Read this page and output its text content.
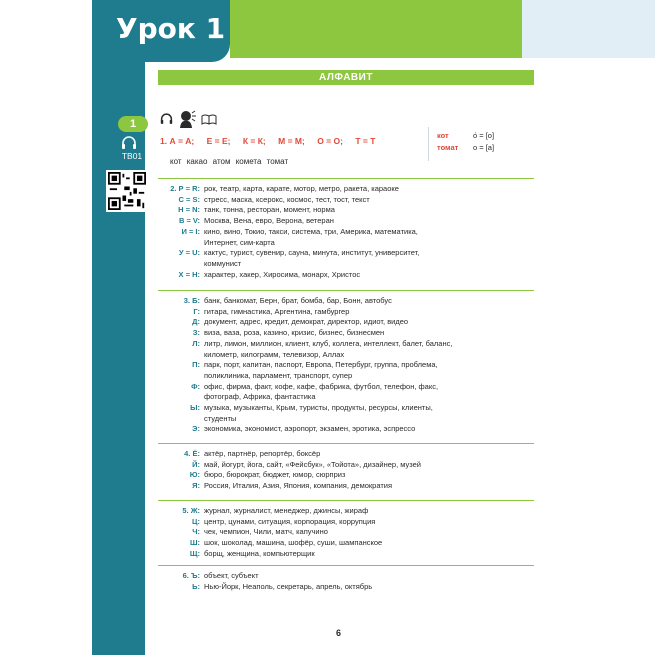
Урок 1
1
TB01
АЛФАВИТ
1. А = А; Е = Е; К = К; М = М; О = О; Т = Т
кот какао атом комета томат
кот	о́ = [о]
томат о = [а]
2. Р = R: рок, театр, карта, карате, мотор, метро, ракета, караоке
С = S: стресс, маска, ксерокс, космос, тест, тост, текст
Н = N: танк, тонна, ресторан, момент, норма
В = V: Москва, Вена, евро, Верона, ветеран
И = I: кино, вино, Токио, такси, система, три, Америка, математика,
Интернет, сим-карта
У = U: кактус, турист, сувенир, сауна, минута, институт, университет,
коммунист
Х = H: характер, хакер, Хиросима, монарх, Христос
3. Б: банк, банкомат, Берн, брат, бомба, бар, Бонн, автобус
Г: гитара, гимнастика, Аргентина, гамбургер
Д: документ, адрес, кредит, демократ, директор, идиот, видео
З: виза, ваза, роза, казино, кризис, бизнес, бизнесмен
Л: литр, лимон, миллион, клиент, клуб, коллега, интеллект, балет, баланс,
километр, килограмм, телевизор, Аллах
П: парк, порт, капитан, паспорт, Европа, Петербург, группа, проблема,
поликлиника, парламент, транспорт, супер
Ф: офис, фирма, факт, кофе, кафе, фабрика, футбол, телефон, факс,
фотограф, Африка, фантастика
Ы: музыка, музыканты, Крым, туристы, продукты, ресурсы, клиенты,
студенты
Э: экономика, экономист, аэропорт, экзамен, эротика, эспрессо
4. Ё: актёр, партнёр, репортёр, боксёр
Й: май, йогурт, йога, сайт, «Фейсбук», «Тойота», дизайнер, музей
Ю: бюро, бюрократ, бюджет, юмор, сюрприз
Я: Россия, Италия, Азия, Япония, компания, демократия
5. Ж: журнал, журналист, менеджер, джинсы, жираф
Ц: центр, цунами, ситуация, корпорация, коррупция
Ч: чек, чемпион, Чили, матч, капучино
Ш: шок, шоколад, машина, шофёр, суши, шампанское
Щ: борщ, женщина, компьютерщик
6. Ъ: объект, субъект
Ь: Нью-Йорк, Неаполь, секретарь, апрель, октябрь
6
